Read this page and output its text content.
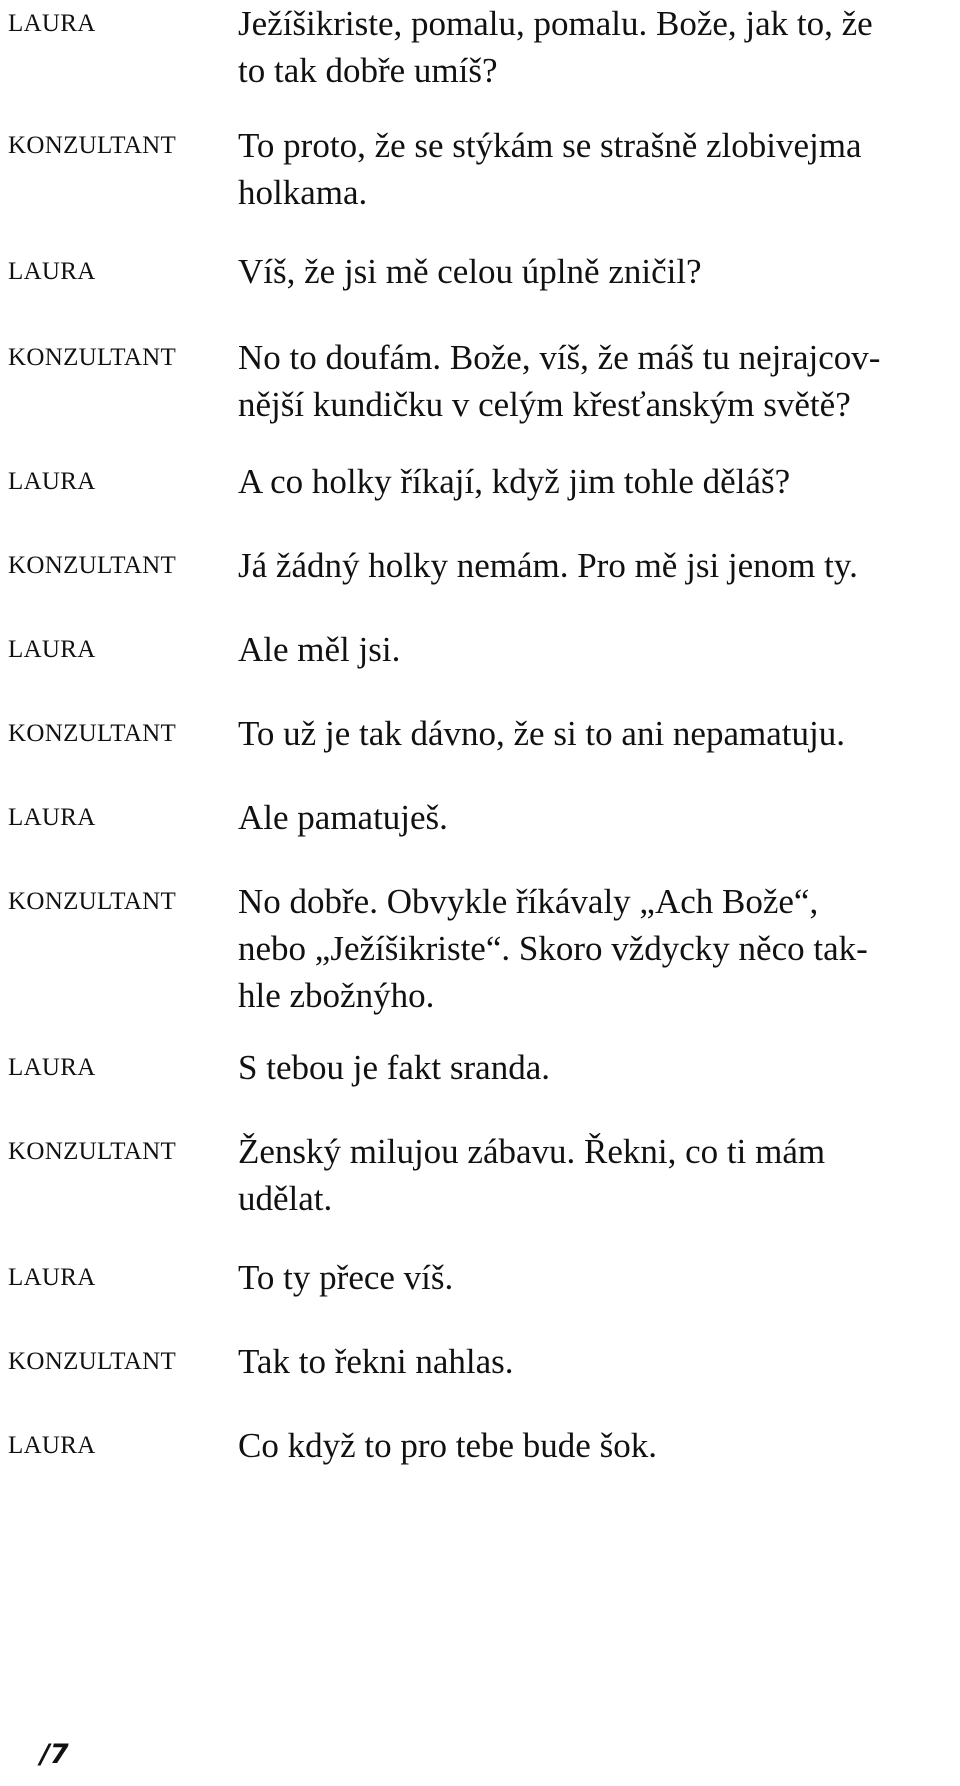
LAURA	Ježíšikriste, pomalu, pomalu. Bože, jak to, že
to tak dobře umíš?

KONZULTANT	To proto, že se stýkám se strašně zlobivejma
holkama.

LAURA	Víš, že jsi mě celou úplně zničil?

KONZULTANT	No to doufám. Bože, víš, že máš tu nejrajcov-
nější kundičku v celým křesťanským světě?

LAURA	A co holky říkají, když jim tohle děláš?

KONZULTANT	Já žádný holky nemám. Pro mě jsi jenom ty.

LAURA	Ale měl jsi.

KONZULTANT	To už je tak dávno, že si to ani nepamatuju.

LAURA	Ale pamatuješ.

KONZULTANT	No dobře. Obvykle říkávaly „Ach Bože“,
nebo „Ježíšikriste“. Skoro vždycky něco tak-
hle zbožnýho.

LAURA	S tebou je fakt sranda.

KONZULTANT	Ženský milujou zábavu. Řekni, co ti mám
udělat.

LAURA	To ty přece víš.

KONZULTANT	Tak to řekni nahlas.

LAURA	Co když to pro tebe bude šok.

/7
